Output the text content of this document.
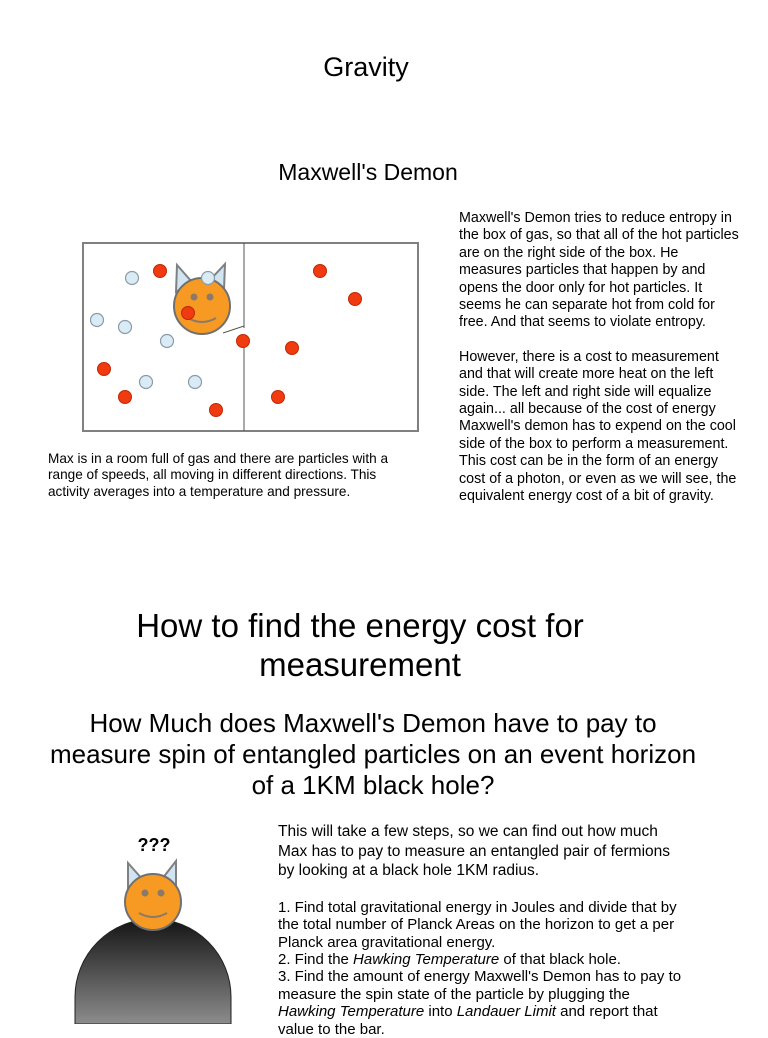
Gravity
Maxwell's Demon

Maxwell's Demon tries to reduce entropy in the box of gas, so that all of the hot particles are on the right side of the box. He measures particles that happen by and opens the door only for hot particles. It seems he can separate hot from cold for free. And that seems to violate entropy.

However, there is a cost to measurement and that will create more heat on the left side. The left and right side will equalize again... all because of the cost of energy Maxwell's demon has to expend on the cool side of the box to perform a measurement. This cost can be in the form of an energy cost of a photon, or even as we will see, the equivalent energy cost of a bit of gravity.

Max is in a room full of gas and there are particles with a range of speeds, all moving in different directions. This activity averages into a temperature and pressure.
How to find the energy cost for measurement
How Much does Maxwell's Demon have to pay to measure spin of entangled particles on an event horizon of a 1KM black hole?
???

This will take a few steps, so we can find out how much Max has to pay to measure an entangled pair of fermions by looking at a black hole 1KM radius.

1. Find total gravitational energy in Joules and divide that by the total number of Planck Areas on the horizon to get a per Planck area gravitational energy.

2. Find the Hawking Temperature of that black hole.

3. Find the amount of energy Maxwell's Demon has to pay to measure the spin state of the particle by plugging the Hawking Temperature into Landauer Limit and report that value to the bar.
